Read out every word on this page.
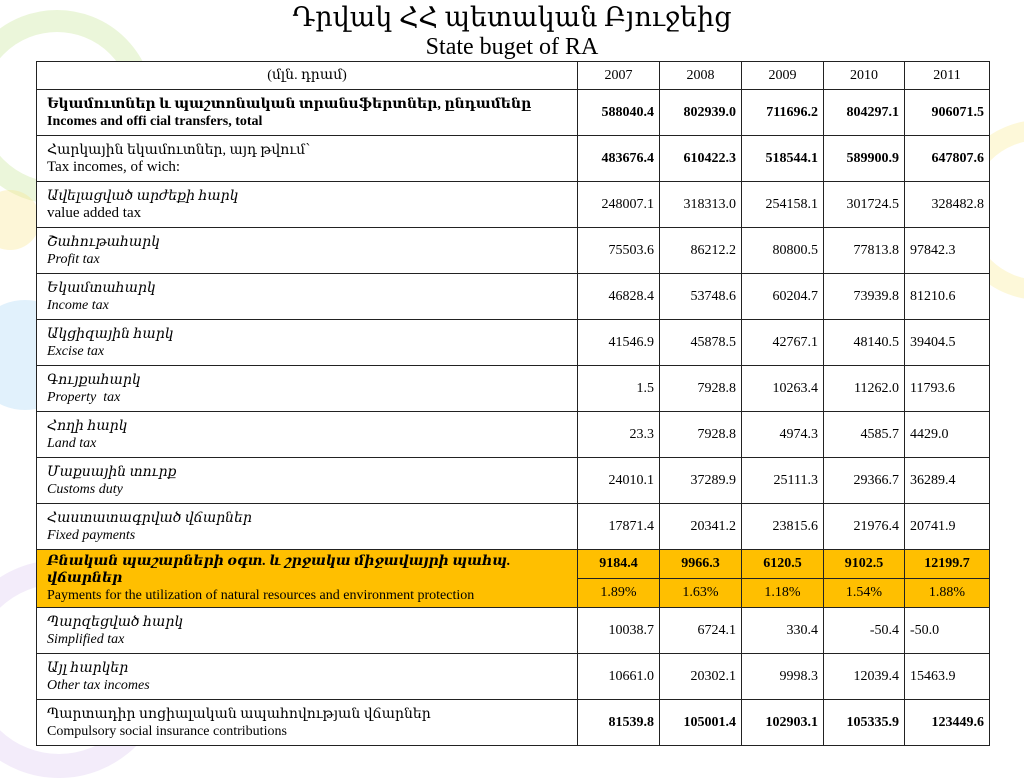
Դրվակ ՀՀ պետական Բյուջեից
State buget of RA
(մլն. դրամ)	2007	2008	2009	2010	2011

Եկամուտներ և պաշտոնական տրանսֆերտներ, ընդամենը
Incomes and offi cial transfers, total	588040.4	802939.0	711696.2	804297.1	906071.5

Հարկային եկամուտներ, այդ թվում՝
Tax incomes, of wich:	483676.4	610422.3	518544.1	589900.9	647807.6

Ավելացված արժեքի հարկ
value added tax	248007.1	318313.0	254158.1	301724.5	328482.8

Շահութահարկ
Profit tax	75503.6	86212.2	80800.5	77813.8	97842.3

Եկամտահարկ
Income tax	46828.4	53748.6	60204.7	73939.8	81210.6

Ակցիզային հարկ
Excise tax	41546.9	45878.5	42767.1	48140.5	39404.5

Գույքահարկ
Property  tax	1.5	7928.8	10263.4	11262.0	11793.6

Հողի հարկ
Land tax	23.3	7928.8	4974.3	4585.7	4429.0

Մաքսային տուրք
Customs duty	24010.1	37289.9	25111.3	29366.7	36289.4

Հաստատագրված վճարներ
Fixed payments	17871.4	20341.2	23815.6	21976.4	20741.9

Բնական պաշարների օգտ. և շրջակա միջավայրի պահպ. վճարներ
Payments for the utilization of natural resources and environment protection	9184.4	9966.3	6120.5	9102.5	12199.7
	1.89%	1.63%	1.18%	1.54%	1.88%

Պարզեցված հարկ
Simplified tax	10038.7	6724.1	330.4	-50.4	-50.0

Այլ հարկեր
Other tax incomes	10661.0	20302.1	9998.3	12039.4	15463.9

Պարտադիր սոցիալական ապահովության վճարներ
Compulsory social insurance contributions	81539.8	105001.4	102903.1	105335.9	123449.6
